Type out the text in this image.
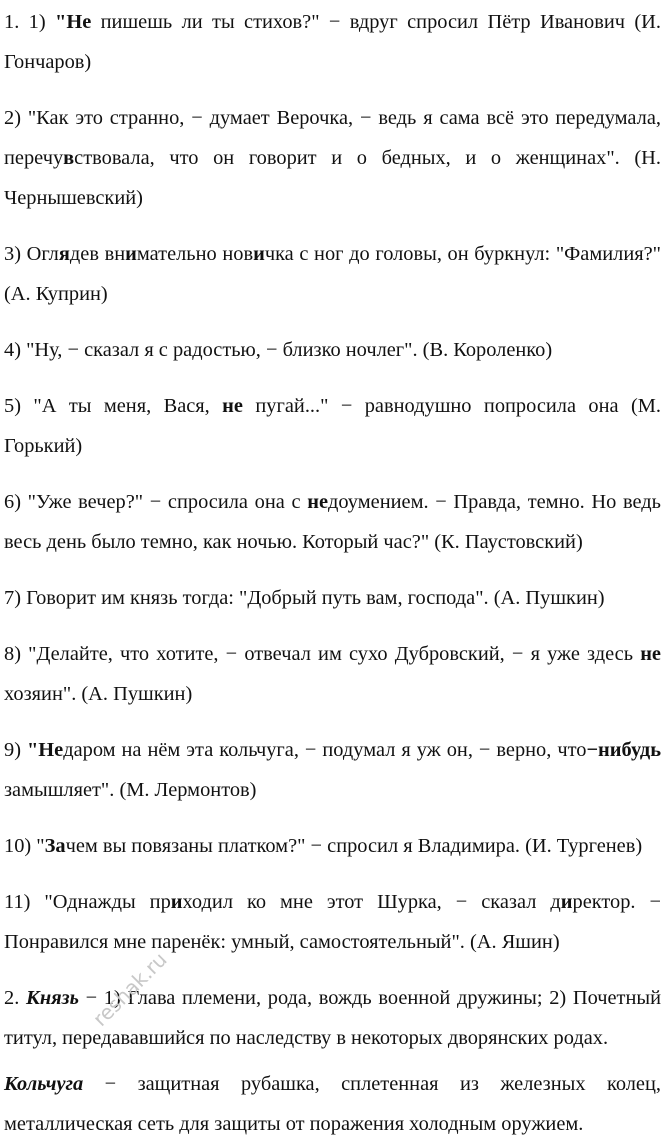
1. 1) "Не пишешь ли ты стихов?" − вдруг спросил Пётр Иванович (И. Гончаров)

2) "Как это странно, − думает Верочка, − ведь я сама всё это передумала, перечувствовала, что он говорит и о бедных, и о женщинах". (Н. Чернышевский)

3) Оглядев внимательно новичка с ног до головы, он буркнул: "Фамилия?" (А. Куприн)

4) "Ну, − сказал я с радостью, − близко ночлег". (В. Короленко)

5) "А ты меня, Вася, не пугай..." − равнодушно попросила она (М. Горький)

6) "Уже вечер?" − спросила она с недоумением. − Правда, темно. Но ведь весь день было темно, как ночью. Который час?" (К. Паустовский)

7) Говорит им князь тогда: "Добрый путь вам, господа". (А. Пушкин)

8) "Делайте, что хотите, − отвечал им сухо Дубровский, − я уже здесь не хозяин". (А. Пушкин)

9) "Недаром на нём эта кольчуга, − подумал я уж он, − верно, что−нибудь замышляет". (М. Лермонтов)

10) "Зачем вы повязаны платком?" − спросил я Владимира. (И. Тургенев)

11) "Однажды приходил ко мне этот Шурка, − сказал директор. − Понравился мне паренёк: умный, самостоятельный". (А. Яшин)

2. Князь − 1) Глава племени, рода, вождь военной дружины; 2) Почетный титул, передававшийся по наследству в некоторых дворянских родах.

Кольчуга − защитная рубашка, сплетенная из железных колец, металлическая сеть для защиты от поражения холодным оружием.

reshak.ru
